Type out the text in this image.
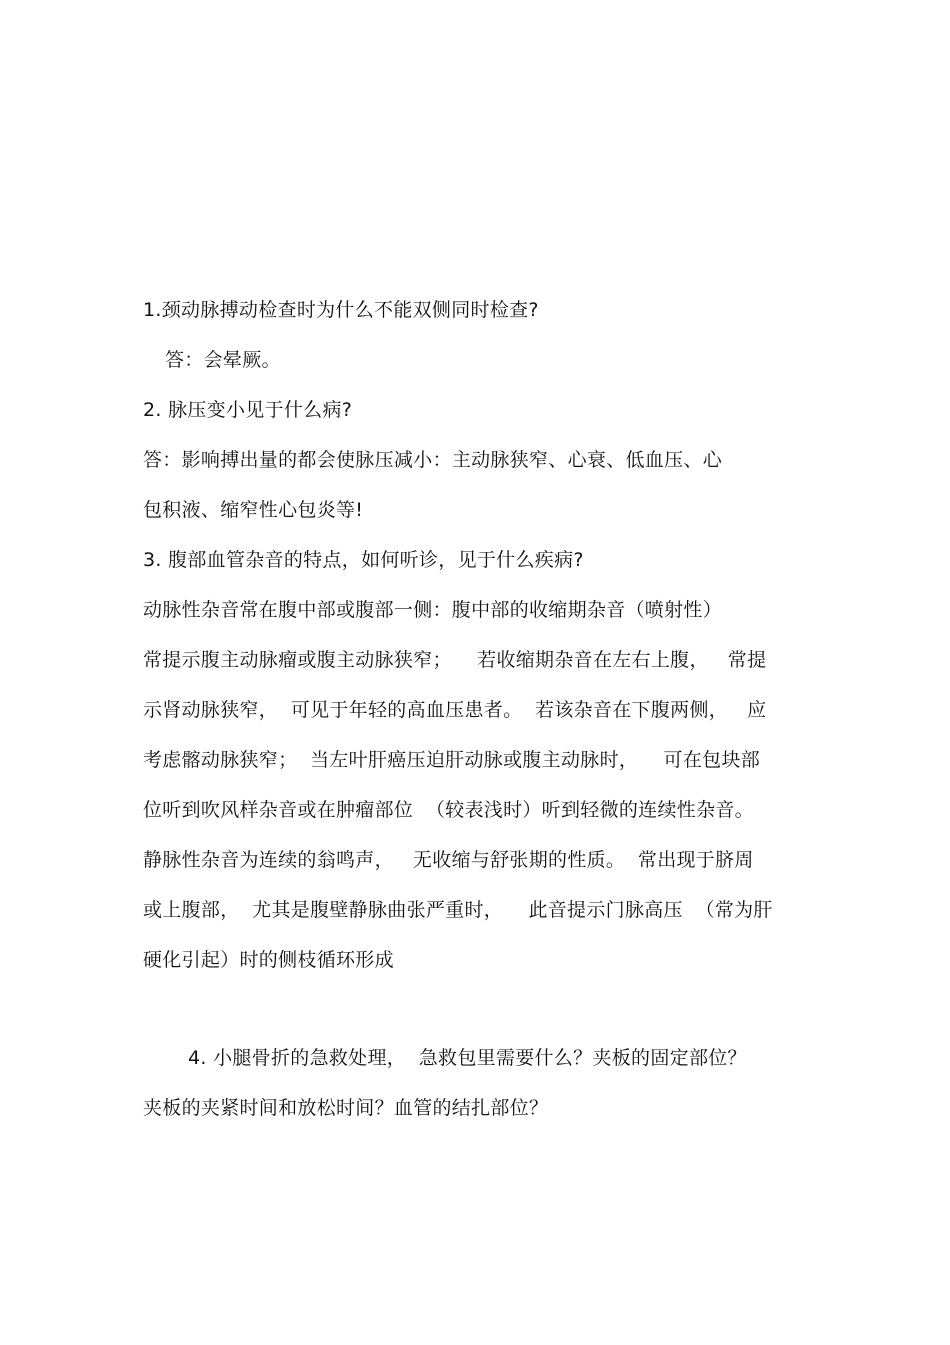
1.颈动脉搏动检查时为什么不能双侧同时检查?
答：会晕厥。
2. 脉压变小见于什么病?
答：影响搏出量的都会使脉压减小：主动脉狭窄、心衰、低血压、心
包积液、缩窄性心包炎等!
3. 腹部血管杂音的特点，如何听诊，见于什么疾病?
动脉性杂音常在腹中部或腹部一侧：腹中部的收缩期杂音（喷射性）
常提示腹主动脉瘤或腹主动脉狭窄；    若收缩期杂音在左右上腹，   常提
示肾动脉狭窄，  可见于年轻的高血压患者。  若该杂音在下腹两侧，   应
考虑髂动脉狭窄；  当左叶肝癌压迫肝动脉或腹主动脉时，    可在包块部
位听到吹风样杂音或在肿瘤部位  （较表浅时）听到轻微的连续性杂音。
静脉性杂音为连续的翁鸣声，   无收缩与舒张期的性质。  常出现于脐周
或上腹部，  尤其是腹壁静脉曲张严重时，    此音提示门脉高压  （常为肝
硬化引起）时的侧枝循环形成
4. 小腿骨折的急救处理，  急救包里需要什么？夹板的固定部位？
夹板的夹紧时间和放松时间？血管的结扎部位？
